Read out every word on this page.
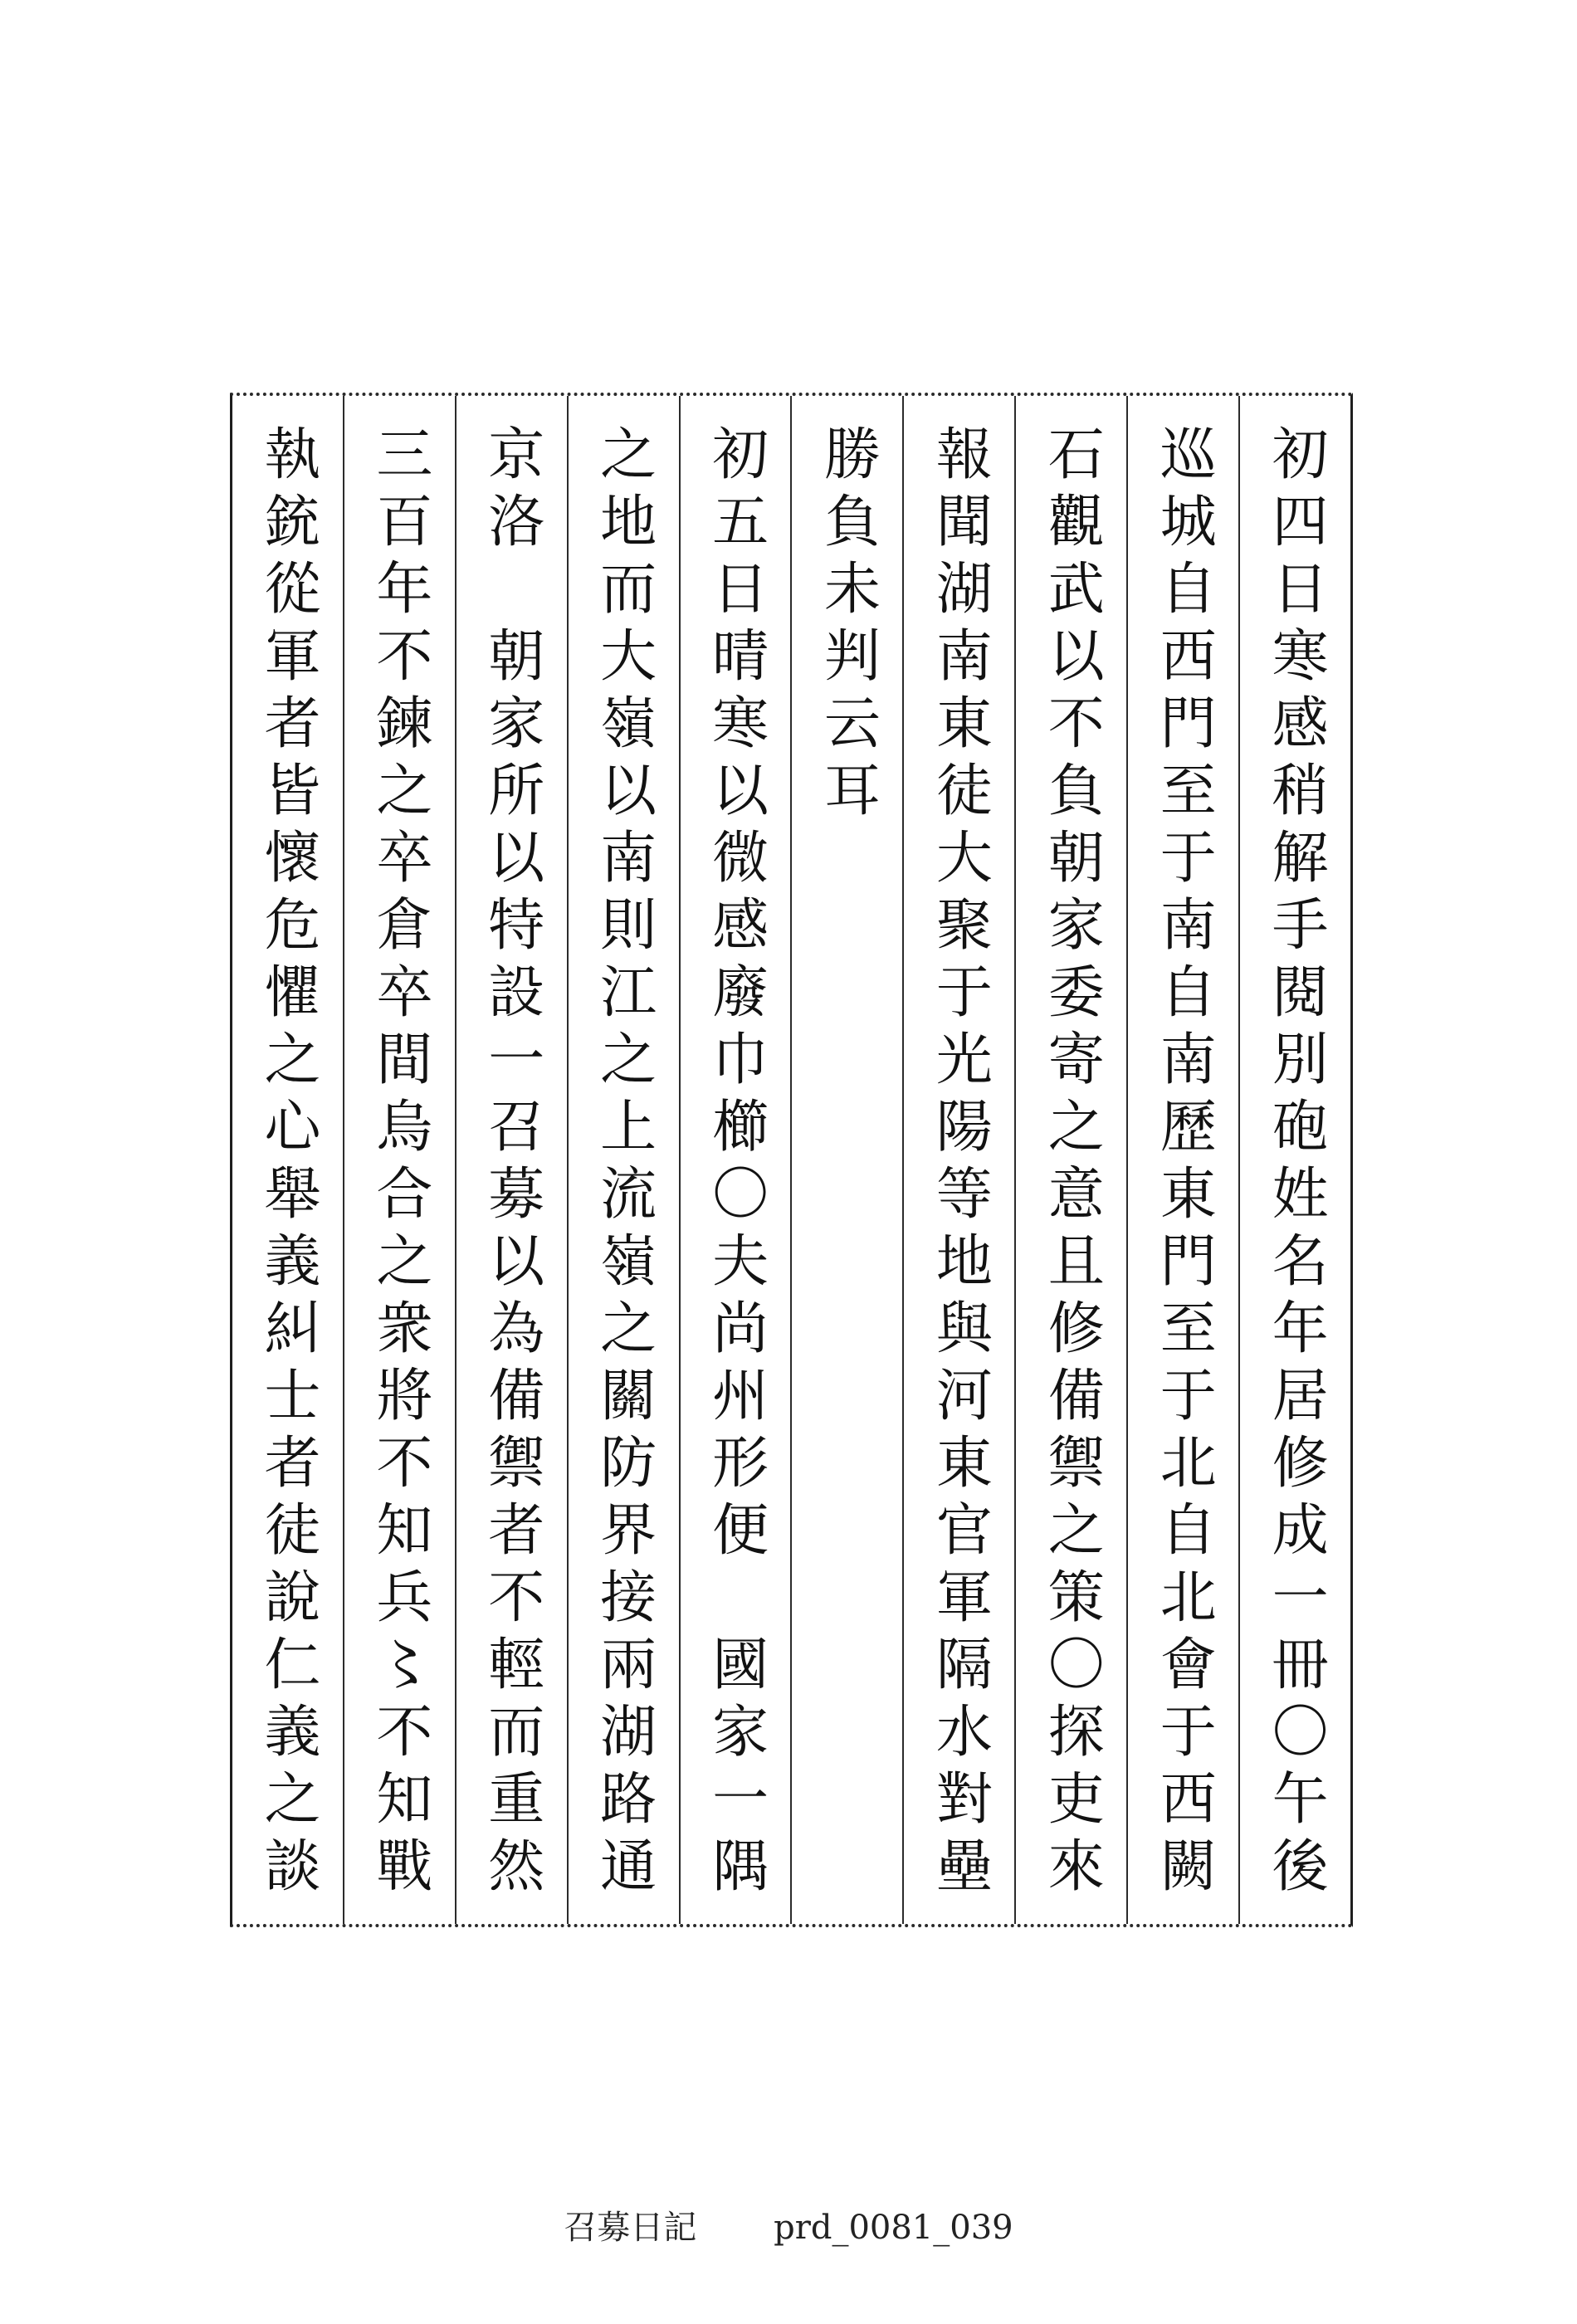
初四日寒感稍解手閱別砲姓名年居修成一冊〇午後
巡城自西門至于南自南歷東門至于北自北會于西闕
石觀武以不負朝家委寄之意且修備禦之策〇探吏來
報聞湖南東徒大聚于光陽等地與河東官軍隔水對壘
勝負未判云耳
初五日晴寒以微感廢巾櫛〇夫尚州形便　國家一隅
之地而大嶺以南則江之上流嶺之關防界接兩湖路通
京洛　朝家所以特設一召募以為備禦者不輕而重然
三百年不鍊之卒倉卒間烏合之衆將不知兵〻不知戰
執銃從軍者皆懷危懼之心舉義糾士者徒說仁義之談
召募日記 prd_0081_039
